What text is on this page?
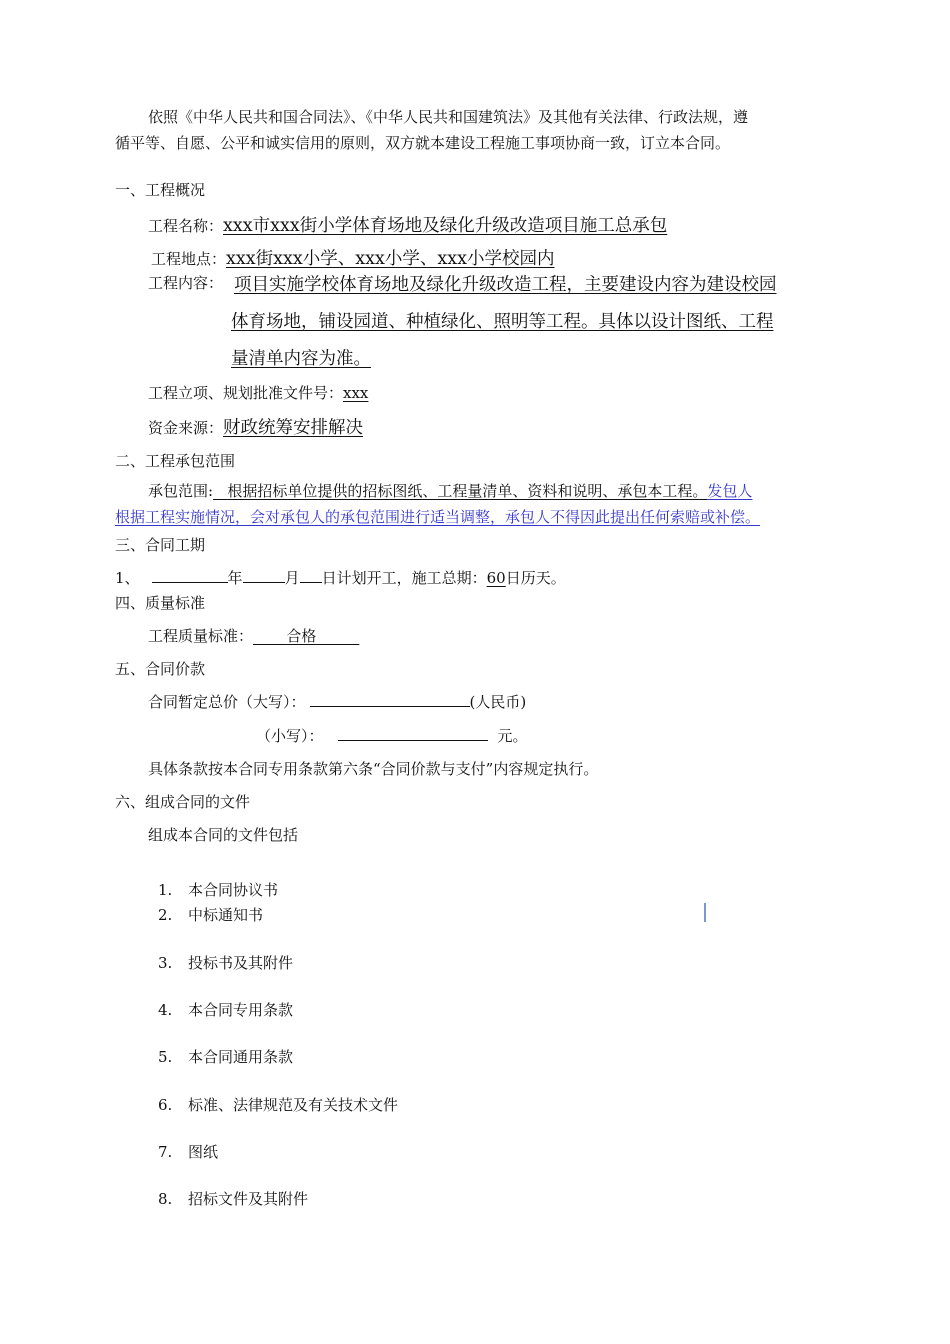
依照《中华人民共和国合同法》、《中华人民共和国建筑法》及其他有关法律、行政法规，遵
循平等、自愿、公平和诚实信用的原则，双方就本建设工程施工事项协商一致，订立本合同。
一、工程概况
工程名称：xxx市xxx街小学体育场地及绿化升级改造项目施工总承包
工程地点：xxx街xxx小学、xxx小学、xxx小学校园内
工程内容： 项目实施学校体育场地及绿化升级改造工程，主要建设内容为建设校园
体育场地，铺设园道、种植绿化、照明等工程。具体以设计图纸、工程
量清单内容为准。
工程立项、规划批准文件号：xxx
资金来源：财政统筹安排解决
二、工程承包范围
承包范围: 根据招标单位提供的招标图纸、工程量清单、资料和说明、承包本工程。发包人
根据工程实施情况，会对承包人的承包范围进行适当调整，承包人不得因此提出任何索赔或补偿。
三、合同工期
1、	年	月 日计划开工，施工总期：60日历天。
四、质量标准
工程质量标准： 合格
五、合同价款
合同暂定总价（大写）：	(人民币)
（小写）：	元。
具体条款按本合同专用条款第六条“合同价款与支付”内容规定执行。
六、组成合同的文件
组成本合同的文件包括
1. 本合同协议书
2. 中标通知书
3. 投标书及其附件
4. 本合同专用条款
5. 本合同通用条款
6. 标准、法律规范及有关技术文件
7. 图纸
8. 招标文件及其附件
